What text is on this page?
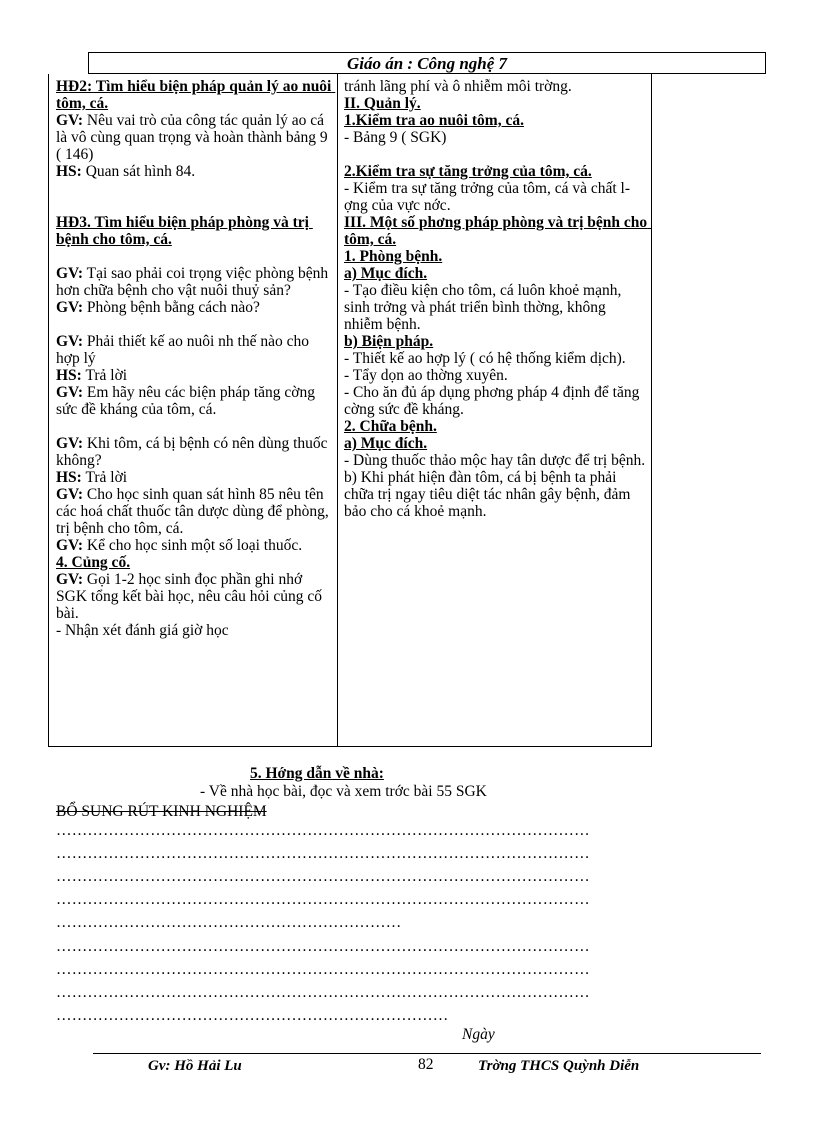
Giáo án : Công nghệ 7

HĐ2: Tìm hiểu biện pháp quản lý ao nuôi tôm, cá.

GV: Nêu vai trò của công tác quản lý ao cá là vô cùng quan trọng và hoàn thành bảng 9 ( 146)

HS: Quan sát hình 84.

HĐ3. Tìm hiểu biện pháp phòng và trị bệnh cho tôm, cá.

GV: Tại sao phải coi trọng việc phòng bệnh hơn chữa bệnh cho vật nuôi thuỷ sản?

GV: Phòng bệnh bằng cách nào?

GV: Phải thiết kế ao nuôi nh thế nào cho hợp lý

HS: Trả lời

GV: Em hãy nêu các biện pháp tăng cờng sức đề kháng của tôm, cá.

GV: Khi tôm, cá bị bệnh có nên dùng thuốc không?

HS: Trả lời

GV: Cho học sinh quan sát hình 85 nêu tên các hoá chất thuốc tân dược dùng để phòng, trị bệnh cho tôm, cá.

GV: Kể cho học sinh một số loại thuốc.

4. Củng cố.

GV: Gọi 1-2 học sinh đọc phần ghi nhớ SGK tổng kết bài học, nêu câu hỏi củng cố bài.

- Nhận xét đánh giá giờ học

tránh lãng phí và ô nhiễm môi trờng.

II. Quản lý.

1.Kiểm tra ao nuôi tôm, cá.

- Bảng 9 ( SGK)

2.Kiểm tra sự tăng trởng của tôm, cá.

- Kiểm tra sự tăng trởng của tôm, cá và chất lợng của vực nớc.

III. Một số phơng pháp phòng và trị bệnh cho tôm, cá.

1. Phòng bệnh.

a) Mục đích.

- Tạo điều kiện cho tôm, cá luôn khoẻ mạnh, sinh trởng và phát triển bình thờng, không nhiễm bệnh.

b) Biện pháp.

- Thiết kế ao hợp lý ( có hệ thống kiểm dịch).

- Tẩy dọn ao thờng xuyên.

- Cho ăn đủ áp dụng phơng pháp 4 định để tăng cờng sức đề kháng.

2. Chữa bệnh.

a) Mục đích.

- Dùng thuốc thảo mộc hay tân dược để trị bệnh.

b) Khi phát hiện đàn tôm, cá bị bệnh ta phải chữa trị ngay tiêu diệt tác nhân gây bệnh, đảm bảo cho cá khoẻ mạnh.

5. Hớng dẫn về nhà:
- Về nhà học bài, đọc và xem trớc bài 55 SGK
BỔ SUNG RÚT KINH NGHIỆM
…………………………………………………………………………………………
…………………………………………………………………………………………
…………………………………………………………………………………………
…………………………………………………………………………………………
…………………………………………………………
…………………………………………………………………………………………
…………………………………………………………………………………………
…………………………………………………………………………………………
…………………………………………………………………
Ngày
Gv: Hồ Hải Lu	82	Trờng THCS Quỳnh Diễn
